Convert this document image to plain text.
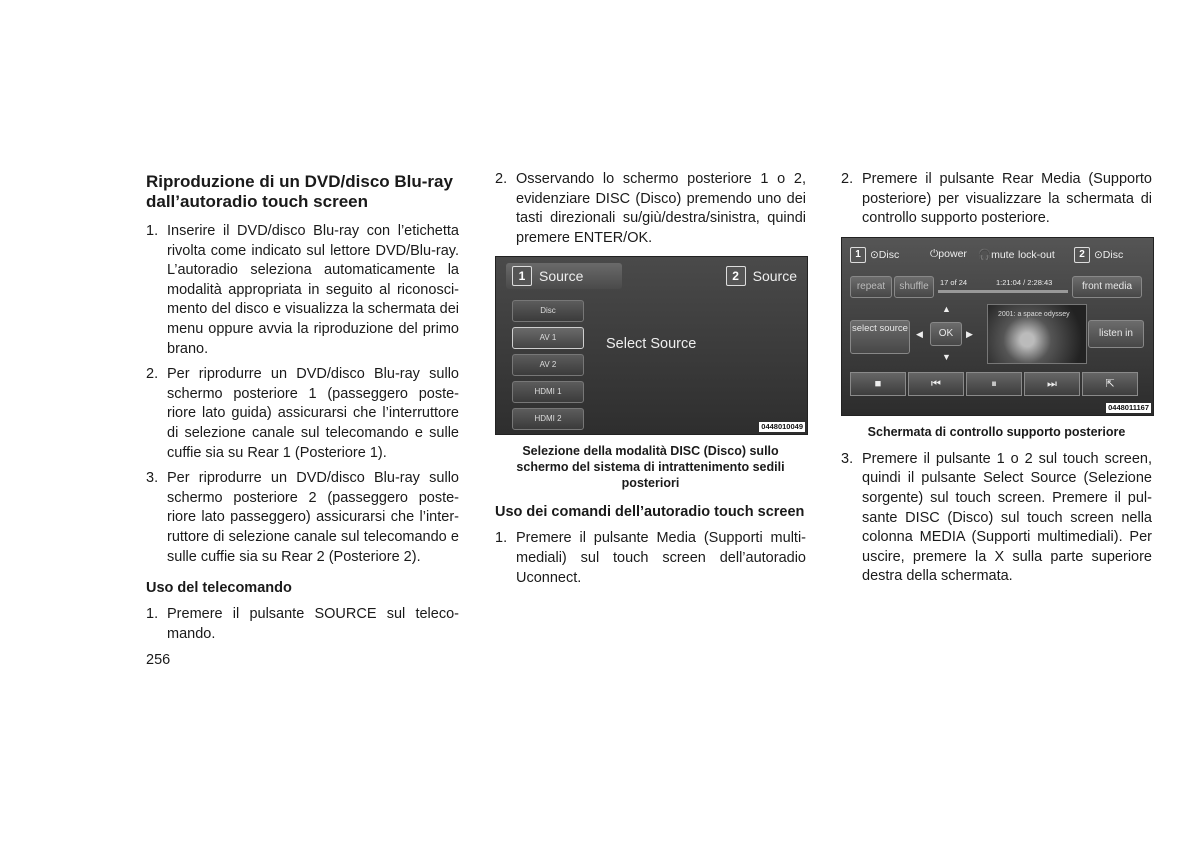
Riproduzione di un DVD/disco Blu-ray dall’autoradio touch screen
1. Inserire il DVD/disco Blu-ray con l’etichetta rivolta come indicato sul lettore DVD/Blu-ray. L’autoradio seleziona automaticamente la modalità appropriata in seguito al riconosci-mento del disco e visualizza la schermata dei menu oppure avvia la riproduzione del primo brano.
2. Per riprodurre un DVD/disco Blu-ray sullo schermo posteriore 1 (passeggero poste-riore lato guida) assicurarsi che l’interruttore di selezione canale sul telecomando e sulle cuffie sia su Rear 1 (Posteriore 1).
3. Per riprodurre un DVD/disco Blu-ray sullo schermo posteriore 2 (passeggero poste-riore lato passeggero) assicurarsi che l’inter-ruttore di selezione canale sul telecomando e sulle cuffie sia su Rear 2 (Posteriore 2).
Uso del telecomando
1. Premere il pulsante SOURCE sul teleco-mando.
2. Osservando lo schermo posteriore 1 o 2, evidenziare DISC (Disco) premendo uno dei tasti direzionali su/giù/destra/sinistra, quindi premere ENTER/OK.
1 Source	2 Source
Disc
AV 1
AV 2
HDMI 1
HDMI 2
Select Source
0448010049
Selezione della modalità DISC (Disco) sullo schermo del sistema di intrattenimento sedili posteriori
Uso dei comandi dell’autoradio touch screen
1. Premere il pulsante Media (Supporti multi-mediali) sul touch screen dell’autoradio Uconnect.
2. Premere il pulsante Rear Media (Supporto posteriore) per visualizzare la schermata di controllo supporto posteriore.
1 ⊙Disc	⏻power 🎧 mute lock-out	2 ⊙Disc
repeat	shuffle	17 of 24	1:21:04 / 2:28:43	front media
select source
▲
◀	OK	▶
▼
2001: a space odyssey
listen in
■	⏮	⏸	⏭	⇱
0448011167
Schermata di controllo supporto posteriore
3. Premere il pulsante 1 o 2 sul touch screen, quindi il pulsante Select Source (Selezione sorgente) sul touch screen. Premere il pul-sante DISC (Disco) sul touch screen nella colonna MEDIA (Supporti multimediali). Per uscire, premere la X sulla parte superiore destra della schermata.
256
